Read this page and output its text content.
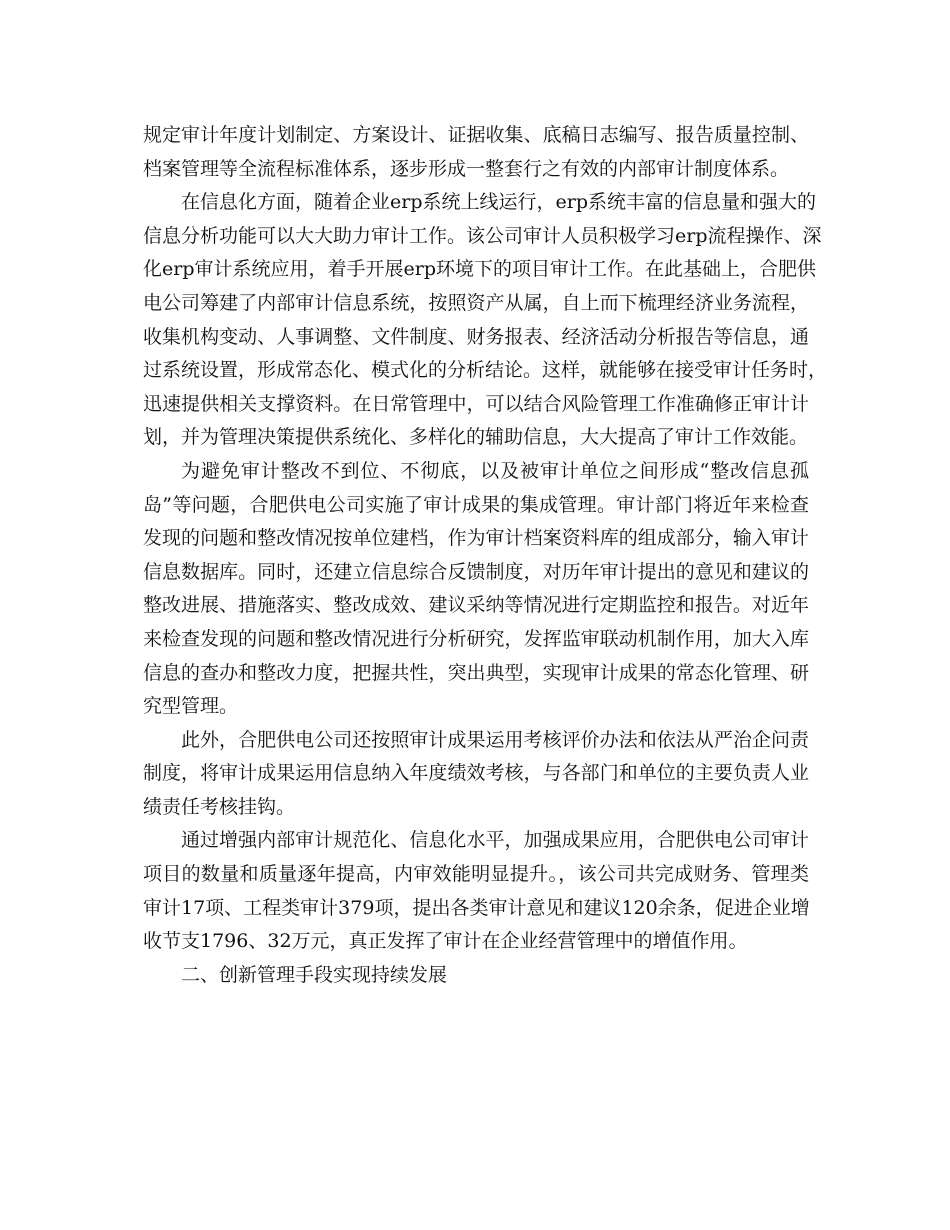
规定审计年度计划制定、方案设计、证据收集、底稿日志编写、报告质量控制、
档案管理等全流程标准体系，逐步形成一整套行之有效的内部审计制度体系。

在信息化方面，随着企业erp系统上线运行，erp系统丰富的信息量和强大的
信息分析功能可以大大助力审计工作。该公司审计人员积极学习erp流程操作、深
化erp审计系统应用，着手开展erp环境下的项目审计工作。在此基础上，合肥供
电公司筹建了内部审计信息系统，按照资产从属，自上而下梳理经济业务流程，
收集机构变动、人事调整、文件制度、财务报表、经济活动分析报告等信息，通
过系统设置，形成常态化、模式化的分析结论。这样，就能够在接受审计任务时，
迅速提供相关支撑资料。在日常管理中，可以结合风险管理工作准确修正审计计
划，并为管理决策提供系统化、多样化的辅助信息，大大提高了审计工作效能。

为避免审计整改不到位、不彻底，以及被审计单位之间形成“整改信息孤
岛”等问题，合肥供电公司实施了审计成果的集成管理。审计部门将近年来检查
发现的问题和整改情况按单位建档，作为审计档案资料库的组成部分，输入审计
信息数据库。同时，还建立信息综合反馈制度，对历年审计提出的意见和建议的
整改进展、措施落实、整改成效、建议采纳等情况进行定期监控和报告。对近年
来检查发现的问题和整改情况进行分析研究，发挥监审联动机制作用，加大入库
信息的查办和整改力度，把握共性，突出典型，实现审计成果的常态化管理、研
究型管理。

此外，合肥供电公司还按照审计成果运用考核评价办法和依法从严治企问责
制度，将审计成果运用信息纳入年度绩效考核，与各部门和单位的主要负责人业
绩责任考核挂钩。

通过增强内部审计规范化、信息化水平，加强成果应用，合肥供电公司审计
项目的数量和质量逐年提高，内审效能明显提升。，该公司共完成财务、管理类
审计17项、工程类审计379项，提出各类审计意见和建议120余条，促进企业增
收节支1796、32万元，真正发挥了审计在企业经营管理中的增值作用。

二、创新管理手段实现持续发展
